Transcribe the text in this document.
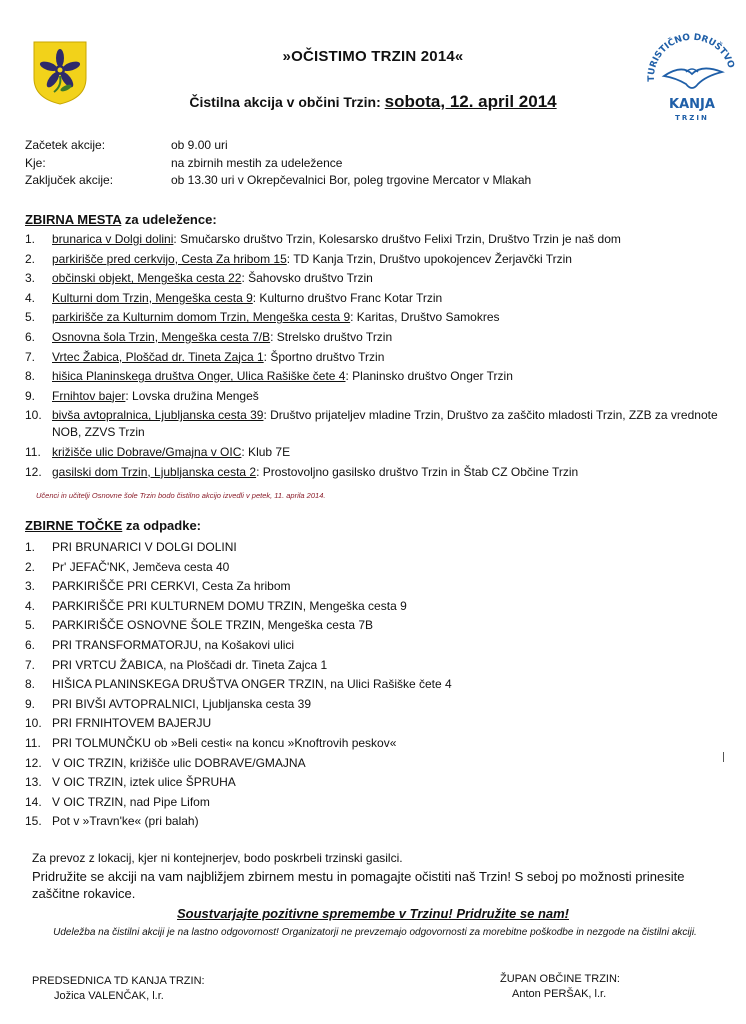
TURISTIČNO DRUŠTVO
KANJA
TRZIN
»OČISTIMO TRZIN 2014«
Čistilna akcija v občini Trzin: sobota, 12. april 2014
Začetek akcije:	ob 9.00 uri
Kje:	na zbirnih mestih za udeležence
Zaključek akcije:	ob 13.30 uri v Okrepčevalnici Bor, poleg trgovine Mercator v Mlakah
ZBIRNA MESTA za udeležence:
1.	brunarica v Dolgi dolini: Smučarsko društvo Trzin, Kolesarsko društvo Felixi Trzin, Društvo Trzin je naš dom
2.	parkirišče pred cerkvijo, Cesta Za hribom 15: TD Kanja Trzin, Društvo upokojencev Žerjavčki Trzin
3.	občinski objekt, Mengeška cesta 22: Šahovsko društvo Trzin
4.	Kulturni dom Trzin, Mengeška cesta 9: Kulturno društvo Franc Kotar Trzin
5.	parkirišče za Kulturnim domom Trzin, Mengeška cesta 9: Karitas, Društvo Samokres
6.	Osnovna šola Trzin, Mengeška cesta 7/B: Strelsko društvo Trzin
7.	Vrtec Žabica, Ploščad dr. Tineta Zajca 1: Športno društvo Trzin
8.	hišica Planinskega društva Onger, Ulica Rašiške čete 4: Planinsko društvo Onger Trzin
9.	Frnihtov bajer: Lovska družina Mengeš
10. bivša avtopralnica, Ljubljanska cesta 39: Društvo prijateljev mladine Trzin, Društvo za zaščito mladosti Trzin, ZZB za vrednote NOB, ZZVS Trzin
11. križišče ulic Dobrave/Gmajna v OIC: Klub 7E
12. gasilski dom Trzin, Ljubljanska cesta 2: Prostovoljno gasilsko društvo Trzin in Štab CZ Občine Trzin
Učenci in učitelji Osnovne šole Trzin bodo čistilno akcijo izvedli v petek, 11. aprila 2014.
ZBIRNE TOČKE za odpadke:
1.	PRI BRUNARICI V DOLGI DOLINI
2.	Pr' JEFAČ'NK, Jemčeva cesta 40
3.	PARKIRIŠČE PRI CERKVI, Cesta Za hribom
4.	PARKIRIŠČE PRI KULTURNEM DOMU TRZIN, Mengeška cesta 9
5.	PARKIRIŠČE OSNOVNE ŠOLE TRZIN, Mengeška cesta 7B
6.	PRI TRANSFORMATORJU, na Košakovi ulici
7.	PRI VRTCU ŽABICA, na Ploščadi dr. Tineta Zajca 1
8.	HIŠICA PLANINSKEGA DRUŠTVA ONGER TRZIN, na Ulici Rašiške čete 4
9.	PRI BIVŠI AVTOPRALNICI, Ljubljanska cesta 39
10. PRI FRNIHTOVEM BAJERJU
11. PRI TOLMUNČKU ob »Beli cesti« na koncu »Knoftrovih peskov«
12. V OIC TRZIN, križišče ulic DOBRAVE/GMAJNA
13. V OIC TRZIN, iztek ulice ŠPRUHA
14. V OIC TRZIN, nad Pipe Lifom
15. Pot v »Travn'ke« (pri balah)
Za prevoz z lokacij, kjer ni kontejnerjev, bodo poskrbeli trzinski gasilci.
Pridružite se akciji na vam najbližjem zbirnem mestu in pomagajte očistiti naš Trzin! S seboj po možnosti prinesite zaščitne rokavice.
Soustvarjajte pozitivne spremembe v Trzinu! Pridružite se nam!
Udeležba na čistilni akciji je na lastno odgovornost! Organizatorji ne prevzemajo odgovornosti za morebitne poškodbe in nezgode na čistilni akciji.
PREDSEDNICA TD KANJA TRZIN:
Jožica VALENČAK, l.r.
ŽUPAN OBČINE TRZIN:
Anton PERŠAK, l.r.
